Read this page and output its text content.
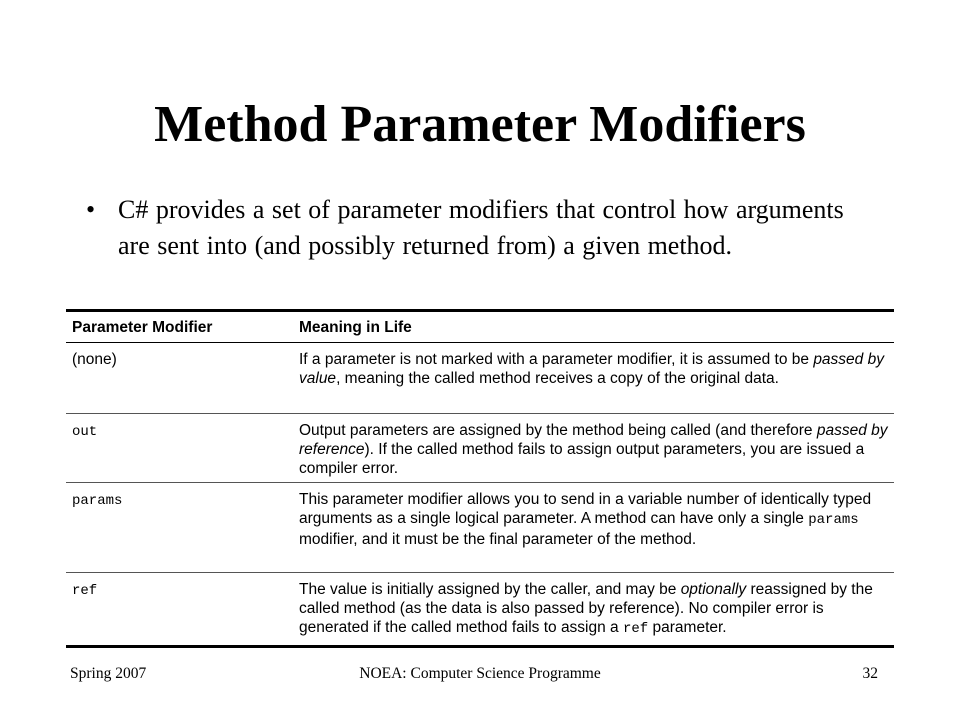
Method Parameter Modifiers
• C# provides a set of parameter modifiers that control how arguments are sent into (and possibly returned from) a given method.
Parameter Modifier	Meaning in Life
(none)	If a parameter is not marked with a parameter modifier, it is assumed to be passed by value, meaning the called method receives a copy of the original data.
out	Output parameters are assigned by the method being called (and therefore passed by reference). If the called method fails to assign output parameters, you are issued a compiler error.
params	This parameter modifier allows you to send in a variable number of identically typed arguments as a single logical parameter. A method can have only a single params modifier, and it must be the final parameter of the method.
ref	The value is initially assigned by the caller, and may be optionally reassigned by the called method (as the data is also passed by reference). No compiler error is generated if the called method fails to assign a ref parameter.
Spring 2007	NOEA: Computer Science Programme	32
